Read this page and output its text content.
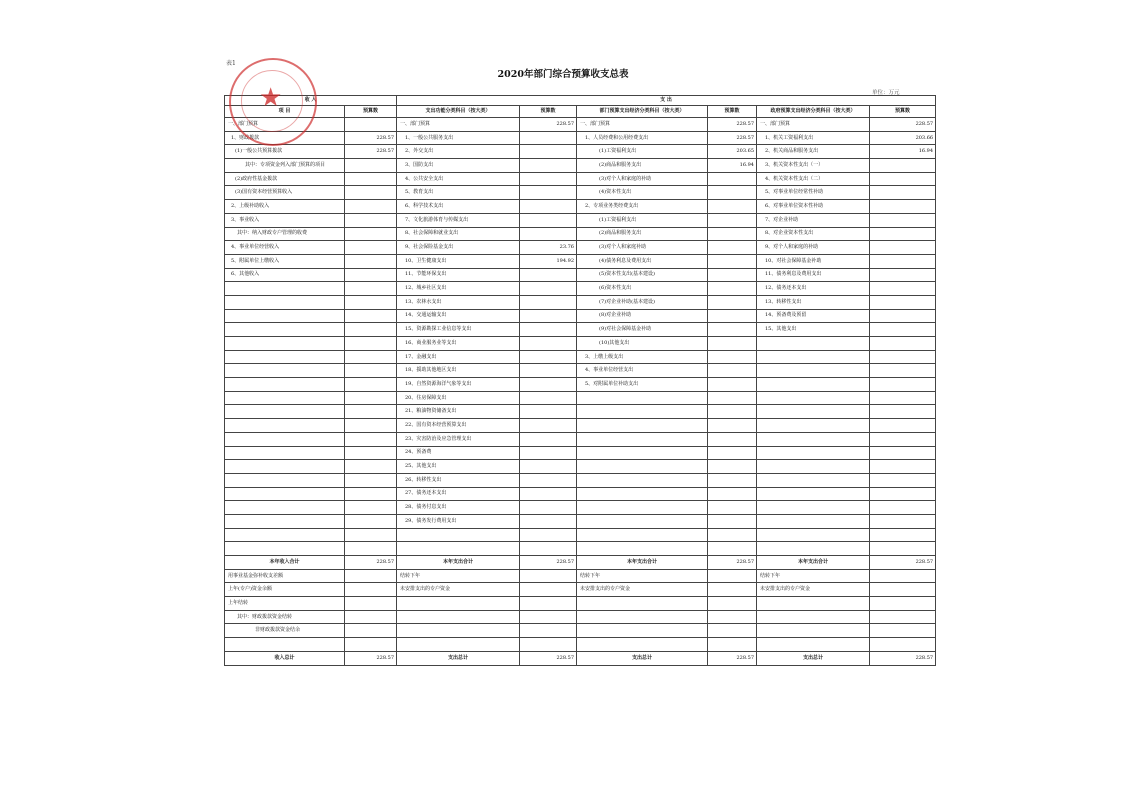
表1
2020年部门综合预算收支总表
单位：万元
收 入		支 出					
项 目	预算数	支出功能分类科目（按大类）	预算数	部门预算支出经济分类科目（按大类）	预算数	政府预算支出经济分类科目（按大类）	预算数
一、部门预算		一、部门预算	228.57	一、部门预算	228.57	一、部门预算	228.57
1、财政拨款	228.57	1、一般公共服务支出		1、人员经费和公用经费支出	228.57	1、机关工资福利支出	203.66
(1)一般公共预算拨款	228.57	2、外交支出		(1)工资福利支出	203.65	2、机关商品和服务支出	16.94
其中：专项资金列入部门预算的项目		3、国防支出		(2)商品和服务支出	16.94	3、机关资本性支出（一）	
(2)政府性基金拨款		4、公共安全支出		(3)对个人和家庭的补助		4、机关资本性支出（二）	
(3)国有资本经营预算收入		5、教育支出		(4)资本性支出		5、对事业单位经常性补助	
2、上级补助收入		6、科学技术支出		2、专项业务类经费支出		6、对事业单位资本性补助	
3、事业收入		7、文化旅游体育与传媒支出		(1)工资福利支出		7、对企业补助	
其中：纳入财政专户管理的收费		8、社会保障和就业支出		(2)商品和服务支出		8、对企业资本性支出	
4、事业单位经营收入		9、社会保险基金支出	23.76	(3)对个人和家庭补助		9、对个人和家庭的补助	
5、附属单位上缴收入		10、卫生健康支出	194.92	(4)债务利息及费用支出		10、对社会保障基金补助	
6、其他收入		11、节能环保支出		(5)资本性支出(基本建设)		11、债务利息及费用支出	
		12、城乡社区支出		(6)资本性支出		12、债务还本支出	
		13、农林水支出		(7)对企业补助(基本建设)		13、转移性支出	
		14、交通运输支出		(8)对企业补助		14、预备费及预留	
		15、资源勘探工业信息等支出		(9)对社会保障基金补助		15、其他支出	
		16、商业服务业等支出		(10)其他支出			
		17、金融支出		3、上缴上级支出			
		18、援助其他地区支出		4、事业单位经营支出			
		19、自然资源海洋气象等支出		5、对附属单位补助支出			
		20、住房保障支出					
		21、粮油物资储备支出					
		22、国有资本经营预算支出					
		23、灾害防治及应急管理支出					
		24、预备费					
		25、其他支出					
		26、转移性支出					
		27、债务还本支出					
		28、债务付息支出					
		29、债务发行费用支出					

本年收入合计	228.57	本年支出合计	228.57	本年支出合计	228.57	本年支出合计	228.57
用事业基金弥补收支差额		结转下年		结转下年		结转下年	
上年(专户)资金余额		未安排支出的专户资金		未安排支出的专户资金		未安排支出的专户资金	
上年结转							
其中：财政拨款资金结转							
非财政拨款资金结余							

收入总计	228.57	支出总计	228.57	支出总计	228.57	支出总计	228.57
★
